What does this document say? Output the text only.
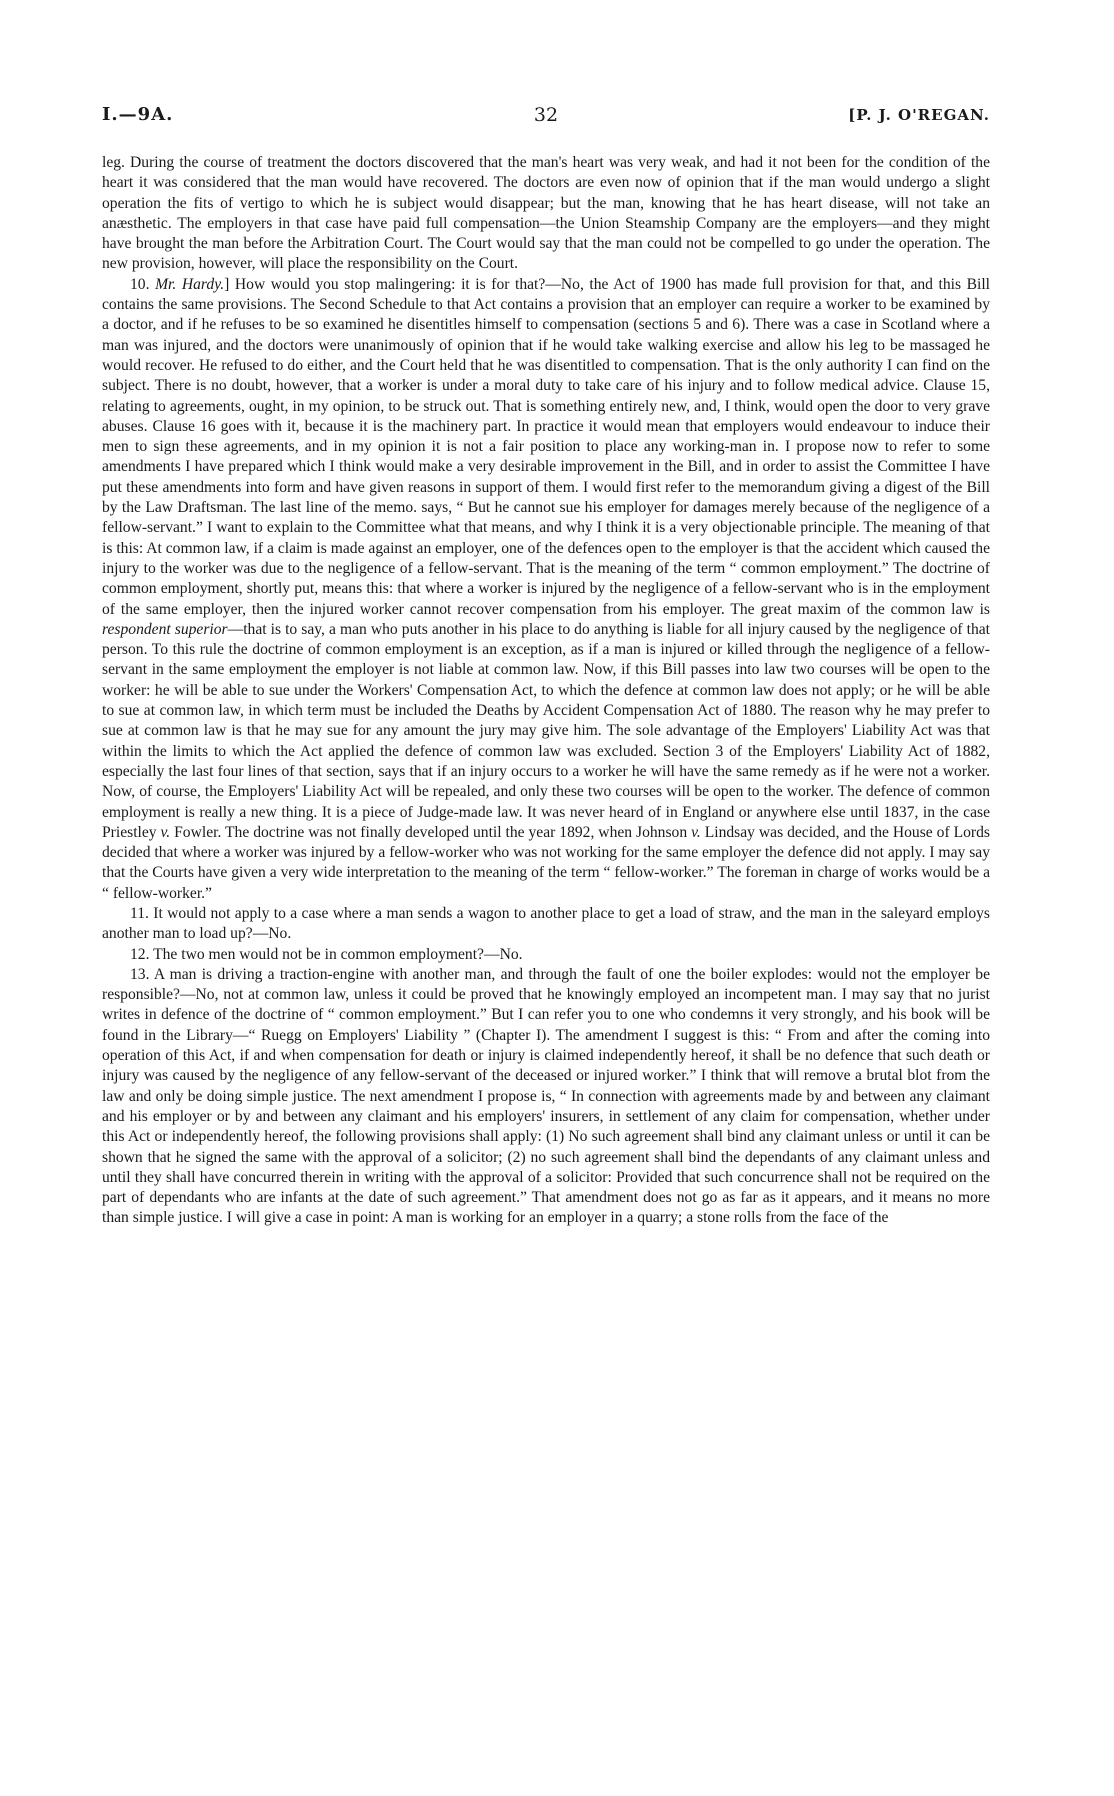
I.—9A.	32	[P. J. O'REGAN.

leg. During the course of treatment the doctors discovered that the man's heart was very weak, and had it not been for the condition of the heart it was considered that the man would have recovered. The doctors are even now of opinion that if the man would undergo a slight operation the fits of vertigo to which he is subject would disappear; but the man, knowing that he has heart disease, will not take an anæsthetic. The employers in that case have paid full compensation—the Union Steamship Company are the employers—and they might have brought the man before the Arbitration Court. The Court would say that the man could not be compelled to go under the operation. The new provision, however, will place the responsibility on the Court.

10. Mr. Hardy.] How would you stop malingering: it is for that?—No, the Act of 1900 has made full provision for that, and this Bill contains the same provisions. The Second Schedule to that Act contains a provision that an employer can require a worker to be examined by a doctor, and if he refuses to be so examined he disentitles himself to compensation (sections 5 and 6). There was a case in Scotland where a man was injured, and the doctors were unanimously of opinion that if he would take walking exercise and allow his leg to be massaged he would recover. He refused to do either, and the Court held that he was disentitled to compensation. That is the only authority I can find on the subject. There is no doubt, however, that a worker is under a moral duty to take care of his injury and to follow medical advice. Clause 15, relating to agreements, ought, in my opinion, to be struck out. That is something entirely new, and, I think, would open the door to very grave abuses. Clause 16 goes with it, because it is the machinery part. In practice it would mean that employers would endeavour to induce their men to sign these agreements, and in my opinion it is not a fair position to place any working-man in. I propose now to refer to some amendments I have prepared which I think would make a very desirable improvement in the Bill, and in order to assist the Committee I have put these amendments into form and have given reasons in support of them. I would first refer to the memorandum giving a digest of the Bill by the Law Draftsman. The last line of the memo. says, “ But he cannot sue his employer for damages merely because of the negligence of a fellow-servant.” I want to explain to the Committee what that means, and why I think it is a very objectionable principle. The meaning of that is this: At common law, if a claim is made against an employer, one of the defences open to the employer is that the accident which caused the injury to the worker was due to the negligence of a fellow-servant. That is the meaning of the term “ common employment.” The doctrine of common employment, shortly put, means this: that where a worker is injured by the negligence of a fellow-servant who is in the employment of the same employer, then the injured worker cannot recover compensation from his employer. The great maxim of the common law is respondent superior—that is to say, a man who puts another in his place to do anything is liable for all injury caused by the negligence of that person. To this rule the doctrine of common employment is an exception, as if a man is injured or killed through the negligence of a fellow-servant in the same employment the employer is not liable at common law. Now, if this Bill passes into law two courses will be open to the worker: he will be able to sue under the Workers' Compensation Act, to which the defence at common law does not apply; or he will be able to sue at common law, in which term must be included the Deaths by Accident Compensation Act of 1880. The reason why he may prefer to sue at common law is that he may sue for any amount the jury may give him. The sole advantage of the Employers' Liability Act was that within the limits to which the Act applied the defence of common law was excluded. Section 3 of the Employers' Liability Act of 1882, especially the last four lines of that section, says that if an injury occurs to a worker he will have the same remedy as if he were not a worker. Now, of course, the Employers' Liability Act will be repealed, and only these two courses will be open to the worker. The defence of common employment is really a new thing. It is a piece of Judge-made law. It was never heard of in England or anywhere else until 1837, in the case Priestley v. Fowler. The doctrine was not finally developed until the year 1892, when Johnson v. Lindsay was decided, and the House of Lords decided that where a worker was injured by a fellow-worker who was not working for the same employer the defence did not apply. I may say that the Courts have given a very wide interpretation to the meaning of the term “ fellow-worker.” The foreman in charge of works would be a “ fellow-worker.”

11. It would not apply to a case where a man sends a wagon to another place to get a load of straw, and the man in the saleyard employs another man to load up?—No.

12. The two men would not be in common employment?—No.

13. A man is driving a traction-engine with another man, and through the fault of one the boiler explodes: would not the employer be responsible?—No, not at common law, unless it could be proved that he knowingly employed an incompetent man. I may say that no jurist writes in defence of the doctrine of “ common employment.” But I can refer you to one who condemns it very strongly, and his book will be found in the Library—“ Ruegg on Employers' Liability ” (Chapter I). The amendment I suggest is this: “ From and after the coming into operation of this Act, if and when compensation for death or injury is claimed independently hereof, it shall be no defence that such death or injury was caused by the negligence of any fellow-servant of the deceased or injured worker.” I think that will remove a brutal blot from the law and only be doing simple justice. The next amendment I propose is, “ In connection with agreements made by and between any claimant and his employer or by and between any claimant and his employers' insurers, in settlement of any claim for compensation, whether under this Act or independently hereof, the following provisions shall apply: (1) No such agreement shall bind any claimant unless or until it can be shown that he signed the same with the approval of a solicitor; (2) no such agreement shall bind the dependants of any claimant unless and until they shall have concurred therein in writing with the approval of a solicitor: Provided that such concurrence shall not be required on the part of dependants who are infants at the date of such agreement.” That amendment does not go as far as it appears, and it means no more than simple justice. I will give a case in point: A man is working for an employer in a quarry; a stone rolls from the face of the
